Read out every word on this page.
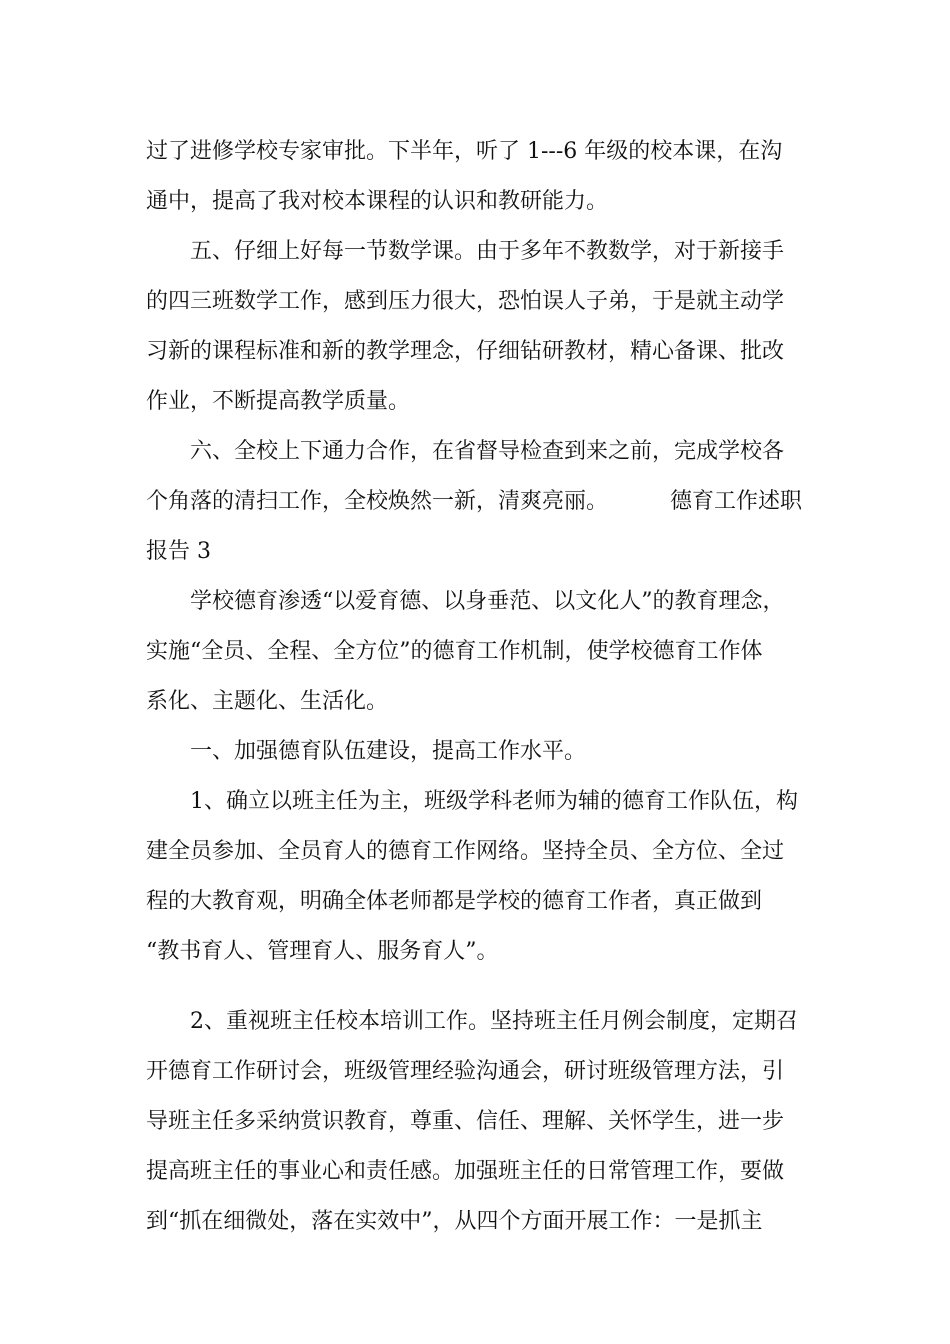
过了进修学校专家审批。下半年，听了 1---6 年级的校本课，在沟
通中，提高了我对校本课程的认识和教研能力。
五、仔细上好每一节数学课。由于多年不教数学，对于新接手
的四三班数学工作，感到压力很大，恐怕误人子弟，于是就主动学
习新的课程标准和新的教学理念，仔细钻研教材，精心备课、批改
作业，不断提高教学质量。
六、全校上下通力合作，在省督导检查到来之前，完成学校各
个角落的清扫工作，全校焕然一新，清爽亮丽。	德育工作述职
报告 3
学校德育渗透“以爱育德、以身垂范、以文化人”的教育理念，
实施“全员、全程、全方位”的德育工作机制，使学校德育工作体
系化、主题化、生活化。
一、加强德育队伍建设，提高工作水平。
1、确立以班主任为主，班级学科老师为辅的德育工作队伍，构
建全员参加、全员育人的德育工作网络。坚持全员、全方位、全过
程的大教育观，明确全体老师都是学校的德育工作者，真正做到
“教书育人、管理育人、服务育人”。
2、重视班主任校本培训工作。坚持班主任月例会制度，定期召
开德育工作研讨会，班级管理经验沟通会，研讨班级管理方法，引
导班主任多采纳赏识教育，尊重、信任、理解、关怀学生，进一步
提高班主任的事业心和责任感。加强班主任的日常管理工作，要做
到“抓在细微处，落在实效中”，从四个方面开展工作：一是抓主
